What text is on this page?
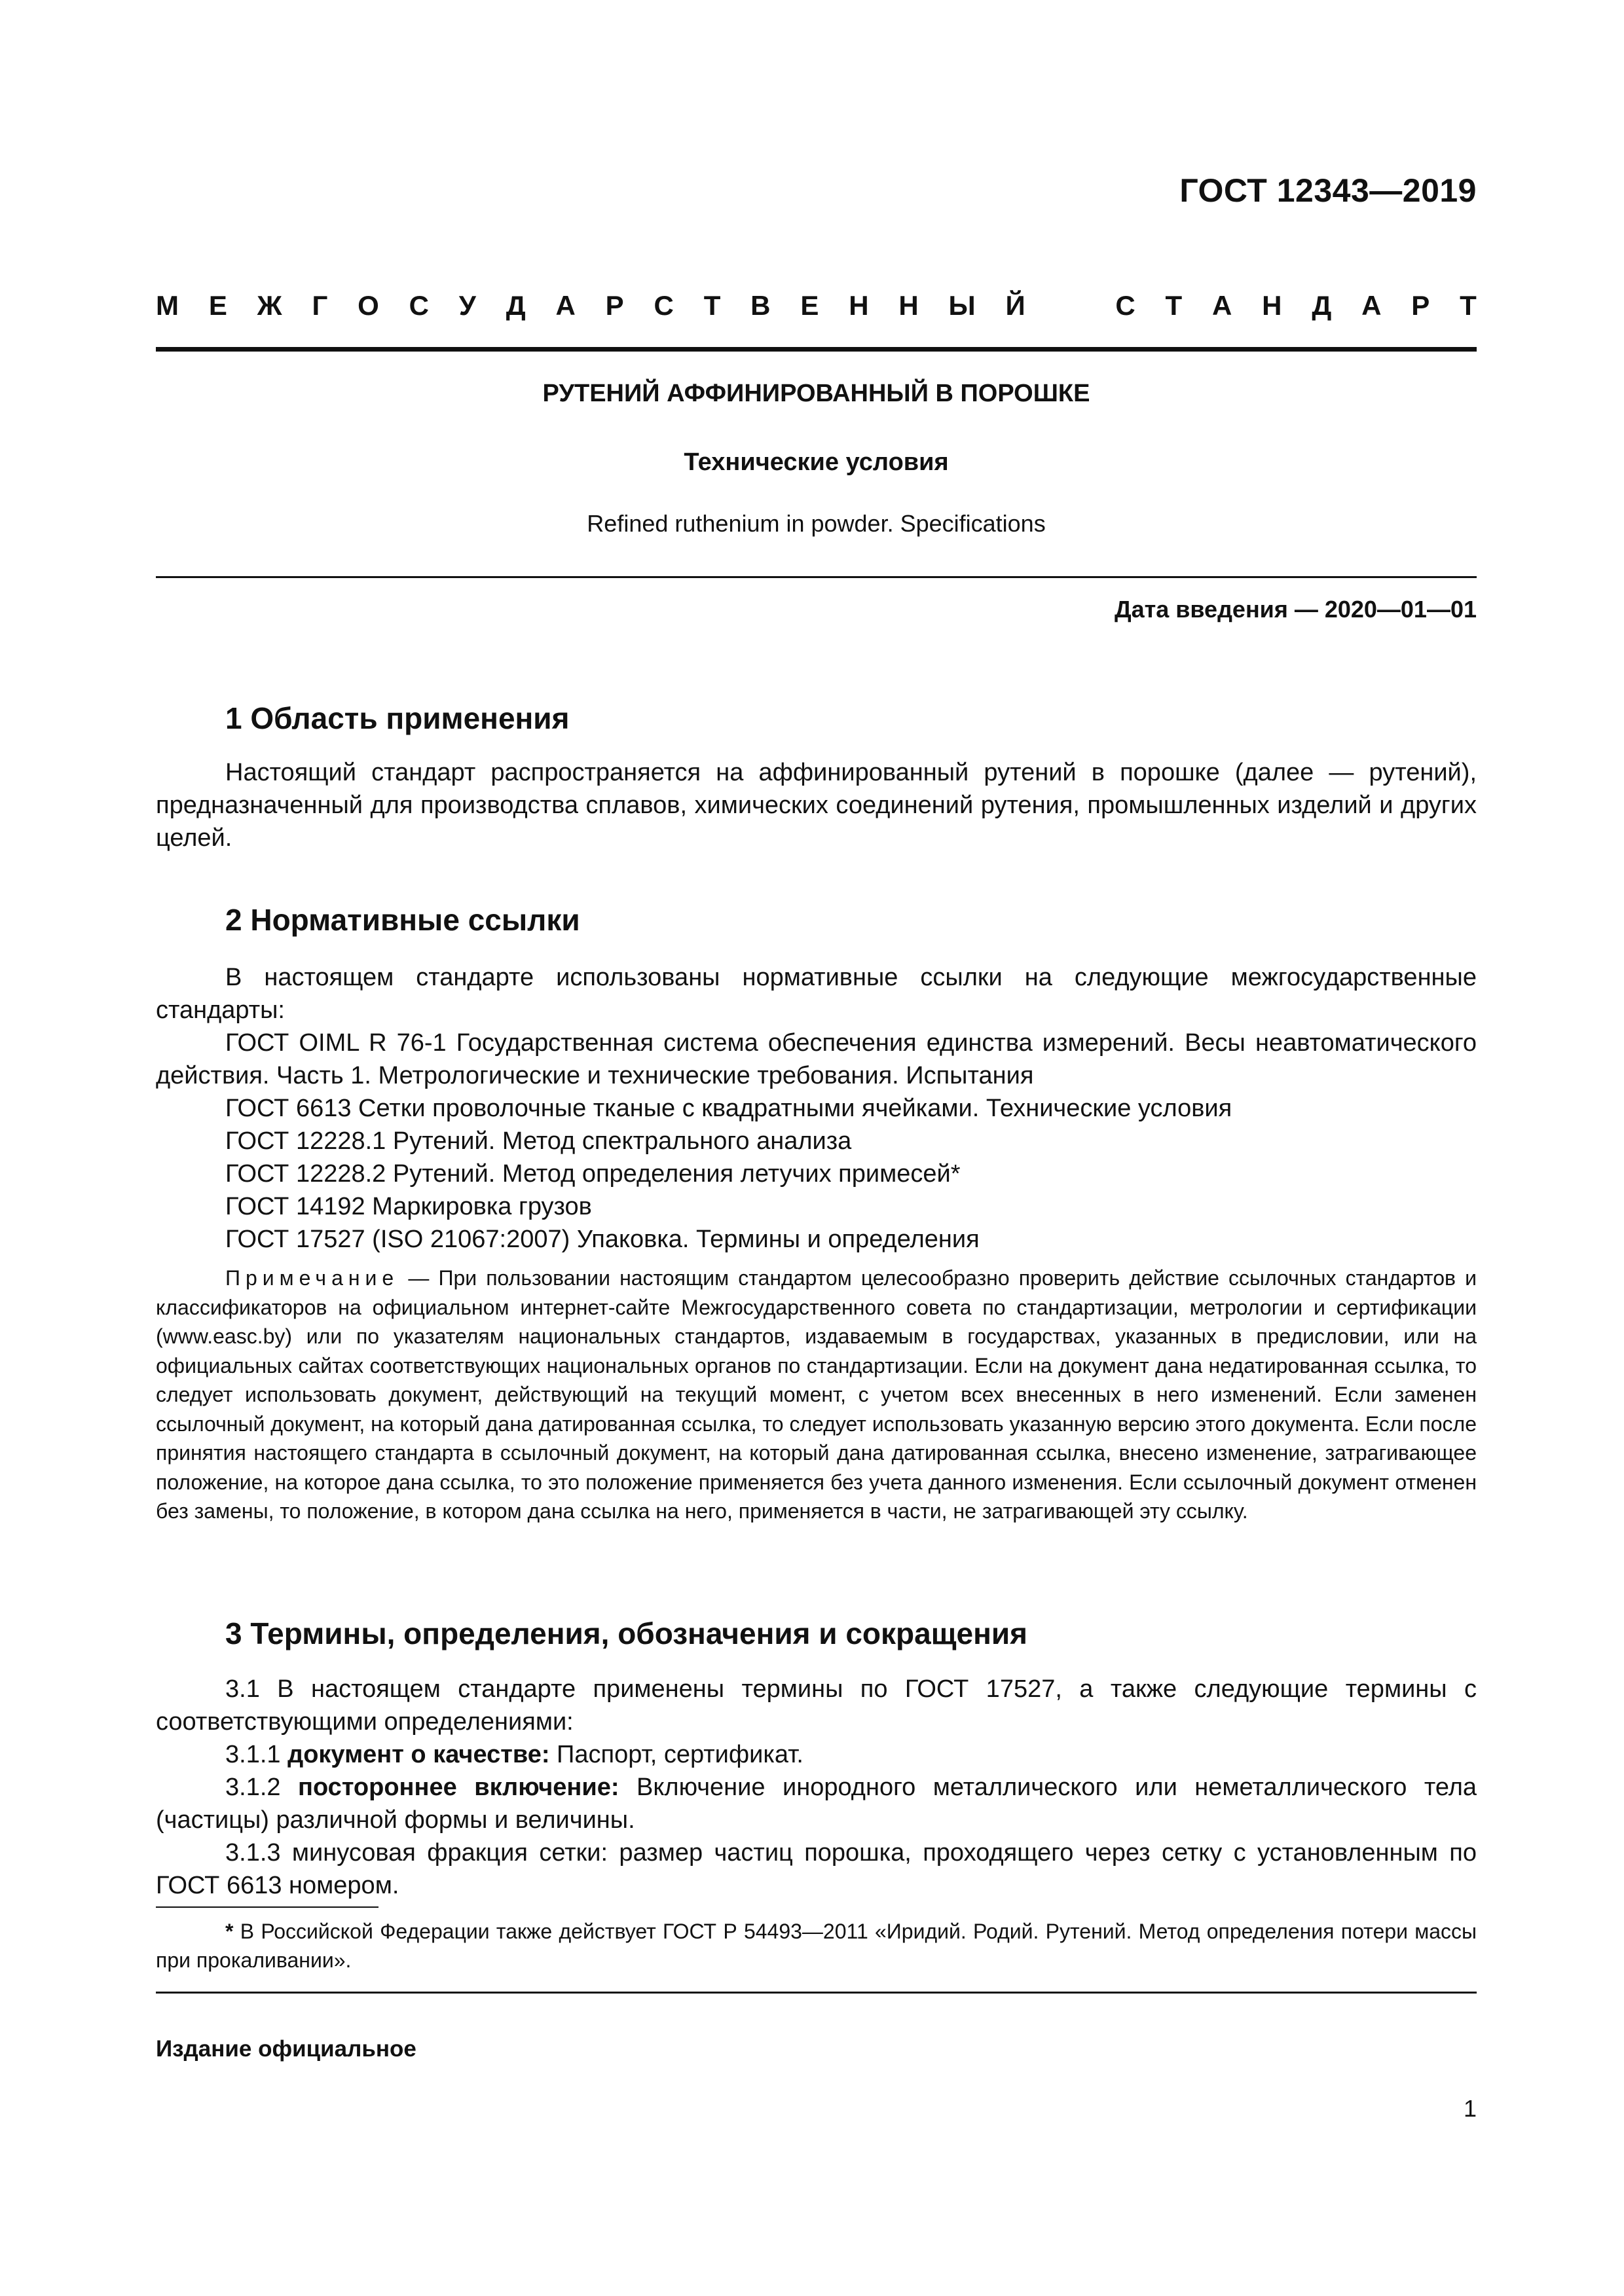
ГОСТ 12343—2019
М Е Ж Г О С У Д А Р С Т В Е Н Н Ы Й	С Т А Н Д А Р Т
РУТЕНИЙ АФФИНИРОВАННЫЙ В ПОРОШКЕ
Технические условия
Refined ruthenium in powder. Specifications
Дата введения — 2020—01—01
1 Область применения
Настоящий стандарт распространяется на аффинированный рутений в порошке (далее — рутений), предназначенный для производства сплавов, химических соединений рутения, промышленных изделий и других целей.
2 Нормативные ссылки
В настоящем стандарте использованы нормативные ссылки на следующие межгосударственные стандарты:
ГОСТ OIML R 76-1 Государственная система обеспечения единства измерений. Весы неавтоматического действия. Часть 1. Метрологические и технические требования. Испытания
ГОСТ 6613 Сетки проволочные тканые с квадратными ячейками. Технические условия
ГОСТ 12228.1 Рутений. Метод спектрального анализа
ГОСТ 12228.2 Рутений. Метод определения летучих примесей*
ГОСТ 14192 Маркировка грузов
ГОСТ 17527 (ISO 21067:2007) Упаковка. Термины и определения
Примечание — При пользовании настоящим стандартом целесообразно проверить действие ссылочных стандартов и классификаторов на официальном интернет-сайте Межгосударственного совета по стандартизации, метрологии и сертификации (www.easc.by) или по указателям национальных стандартов, издаваемым в государствах, указанных в предисловии, или на официальных сайтах соответствующих национальных органов по стандартизации. Если на документ дана недатированная ссылка, то следует использовать документ, действующий на текущий момент, с учетом всех внесенных в него изменений. Если заменен ссылочный документ, на который дана датированная ссылка, то следует использовать указанную версию этого документа. Если после принятия настоящего стандарта в ссылочный документ, на который дана датированная ссылка, внесено изменение, затрагивающее положение, на которое дана ссылка, то это положение применяется без учета данного изменения. Если ссылочный документ отменен без замены, то положение, в котором дана ссылка на него, применяется в части, не затрагивающей эту ссылку.
3 Термины, определения, обозначения и сокращения
3.1 В настоящем стандарте применены термины по ГОСТ 17527, а также следующие термины с соответствующими определениями:
3.1.1 документ о качестве: Паспорт, сертификат.
3.1.2 постороннее включение: Включение инородного металлического или неметаллического тела (частицы) различной формы и величины.
3.1.3 минусовая фракция сетки: размер частиц порошка, проходящего через сетку с установленным по ГОСТ 6613 номером.
* В Российской Федерации также действует ГОСТ Р 54493—2011 «Иридий. Родий. Рутений. Метод определения потери массы при прокаливании».
Издание официальное
1
